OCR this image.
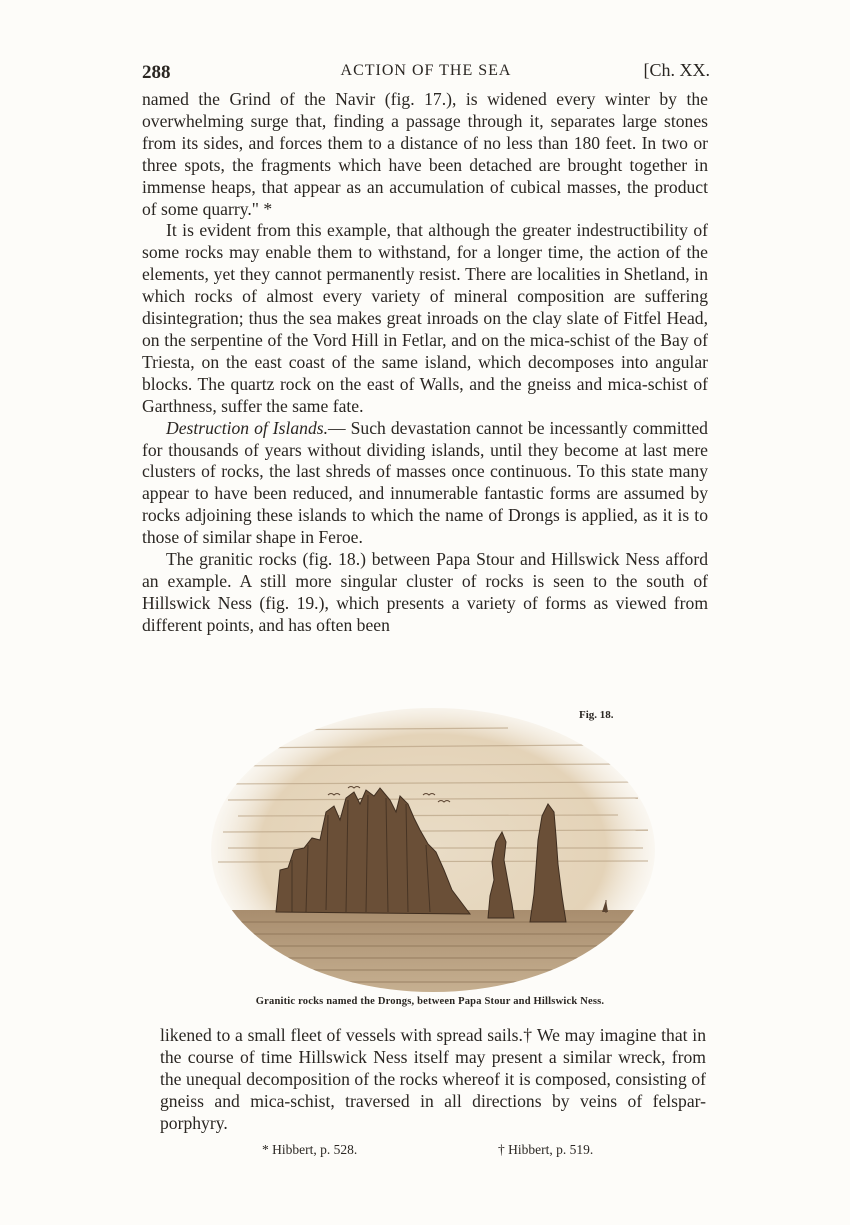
288	ACTION OF THE SEA	[Ch. XX.

named the Grind of the Navir (fig. 17.), is widened every winter by the overwhelming surge that, finding a passage through it, separates large stones from its sides, and forces them to a distance of no less than 180 feet. In two or three spots, the fragments which have been detached are brought together in immense heaps, that appear as an accumulation of cubical masses, the product of some quarry." *

It is evident from this example, that although the greater indestructibility of some rocks may enable them to withstand, for a longer time, the action of the elements, yet they cannot permanently resist. There are localities in Shetland, in which rocks of almost every variety of mineral composition are suffering disintegration; thus the sea makes great inroads on the clay slate of Fitfel Head, on the serpentine of the Vord Hill in Fetlar, and on the mica-schist of the Bay of Triesta, on the east coast of the same island, which decomposes into angular blocks. The quartz rock on the east of Walls, and the gneiss and mica-schist of Garthness, suffer the same fate.

Destruction of Islands.— Such devastation cannot be incessantly committed for thousands of years without dividing islands, until they become at last mere clusters of rocks, the last shreds of masses once continuous. To this state many appear to have been reduced, and innumerable fantastic forms are assumed by rocks adjoining these islands to which the name of Drongs is applied, as it is to those of similar shape in Feroe.

The granitic rocks (fig. 18.) between Papa Stour and Hillswick Ness afford an example. A still more singular cluster of rocks is seen to the south of Hillswick Ness (fig. 19.), which presents a variety of forms as viewed from different points, and has often been

Fig. 18.
Granitic rocks named the Drongs, between Papa Stour and Hillswick Ness.

likened to a small fleet of vessels with spread sails.† We may imagine that in the course of time Hillswick Ness itself may present a similar wreck, from the unequal decomposition of the rocks whereof it is composed, consisting of gneiss and mica-schist, traversed in all directions by veins of felspar-porphyry.

* Hibbert, p. 528.	† Hibbert, p. 519.
